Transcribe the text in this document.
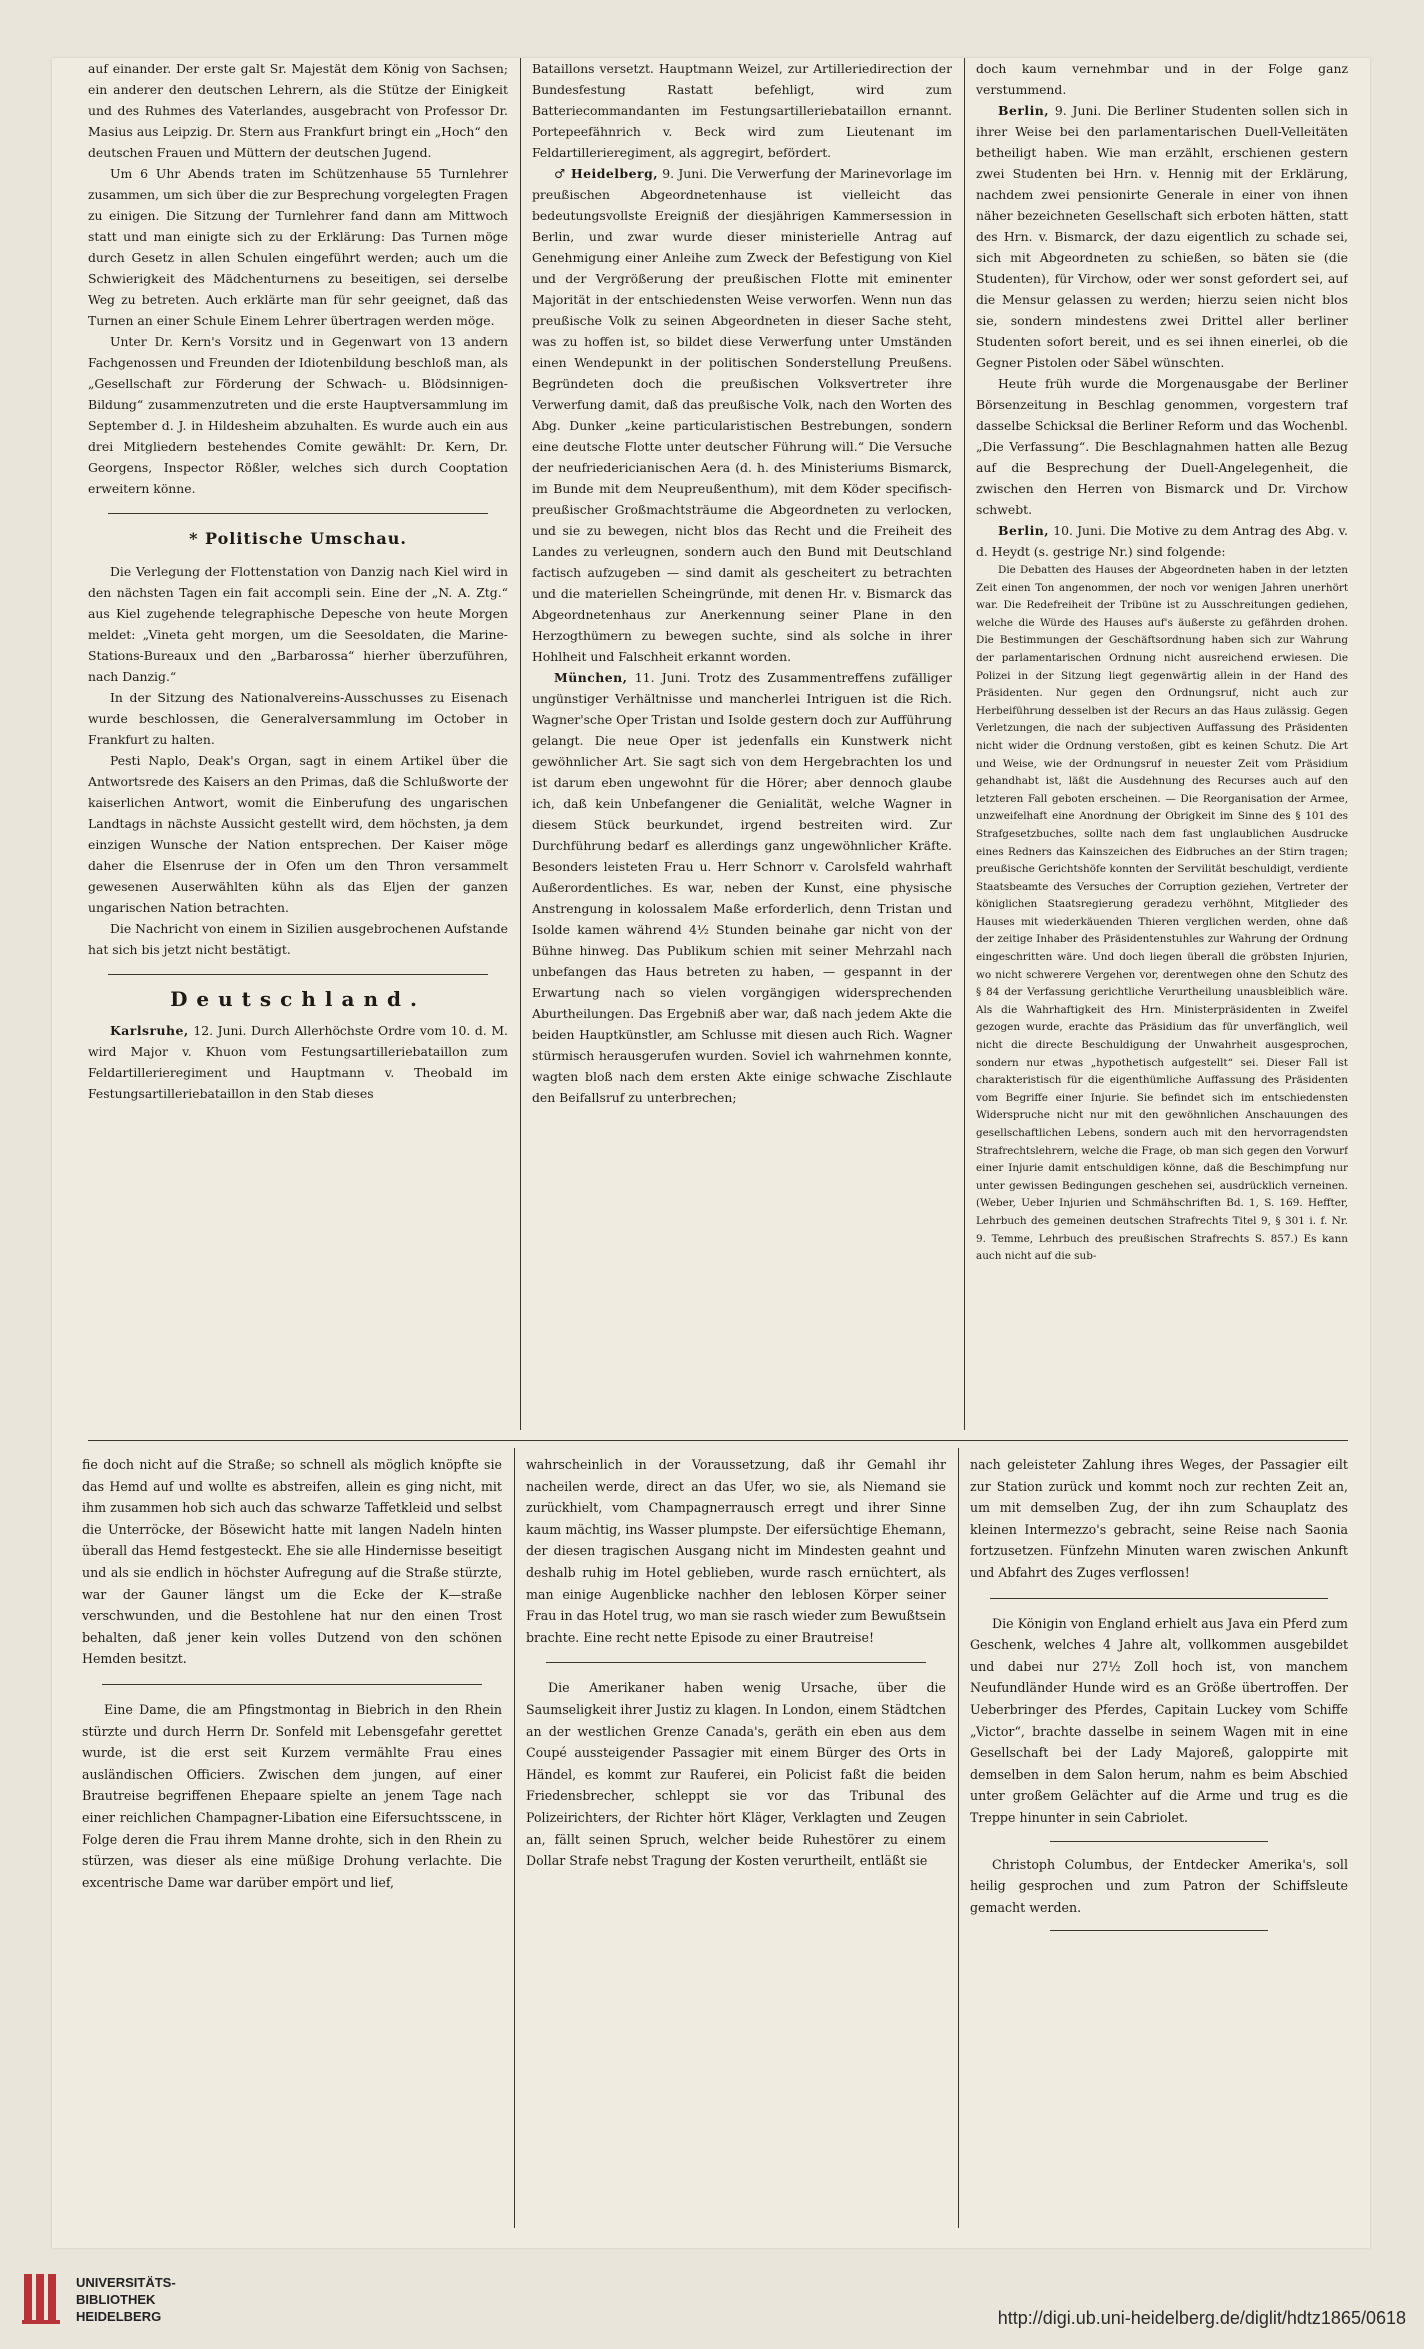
auf einander. Der erste galt Sr. Majestät dem König von Sachsen; ein anderer den deutschen Lehrern, als die Stütze der Einigkeit und des Ruhmes des Vaterlandes, ausgebracht von Professor Dr. Masius aus Leipzig. Dr. Stern aus Frankfurt bringt ein „Hoch“ den deutschen Frauen und Müttern der deutschen Jugend.

Um 6 Uhr Abends traten im Schützenhause 55 Turnlehrer zusammen, um sich über die zur Besprechung vorgelegten Fragen zu einigen. Die Sitzung der Turnlehrer fand dann am Mittwoch statt und man einigte sich zu der Erklärung: Das Turnen möge durch Gesetz in allen Schulen eingeführt werden; auch um die Schwierigkeit des Mädchenturnens zu beseitigen, sei derselbe Weg zu betreten. Auch erklärte man für sehr geeignet, daß das Turnen an einer Schule Einem Lehrer übertragen werden möge.

Unter Dr. Kern's Vorsitz und in Gegenwart von 13 andern Fachgenossen und Freunden der Idiotenbildung beschloß man, als „Gesellschaft zur Förderung der Schwach- u. Blödsinnigen-Bildung“ zusammenzutreten und die erste Hauptversammlung im September d. J. in Hildesheim abzuhalten. Es wurde auch ein aus drei Mitgliedern bestehendes Comite gewählt: Dr. Kern, Dr. Georgens, Inspector Rößler, welches sich durch Cooptation erweitern könne.

* Politische Umschau.

Die Verlegung der Flottenstation von Danzig nach Kiel wird in den nächsten Tagen ein fait accompli sein. Eine der „N. A. Ztg.“ aus Kiel zugehende telegraphische Depesche von heute Morgen meldet: „Vineta geht morgen, um die Seesoldaten, die Marine-Stations-Bureaux und den „Barbarossa“ hierher überzuführen, nach Danzig.“

In der Sitzung des Nationalvereins-Ausschusses zu Eisenach wurde beschlossen, die Generalversammlung im October in Frankfurt zu halten.

Pesti Naplo, Deak's Organ, sagt in einem Artikel über die Antwortsrede des Kaisers an den Primas, daß die Schlußworte der kaiserlichen Antwort, womit die Einberufung des ungarischen Landtags in nächste Aussicht gestellt wird, dem höchsten, ja dem einzigen Wunsche der Nation entsprechen. Der Kaiser möge daher die Elsenruse der in Ofen um den Thron versammelt gewesenen Auserwählten kühn als das Eljen der ganzen ungarischen Nation betrachten.

Die Nachricht von einem in Sizilien ausgebrochenen Aufstande hat sich bis jetzt nicht bestätigt.

Deutschland.

Karlsruhe, 12. Juni. Durch Allerhöchste Ordre vom 10. d. M. wird Major v. Khuon vom Festungsartilleriebataillon zum Feldartillerieregiment und Hauptmann v. Theobald im Festungsartilleriebataillon in den Stab dieses

Bataillons versetzt. Hauptmann Weizel, zur Artilleriedirection der Bundesfestung Rastatt befehligt, wird zum Batteriecommandanten im Festungsartilleriebataillon ernannt. Portepeefähnrich v. Beck wird zum Lieutenant im Feldartillerieregiment, als aggregirt, befördert.

♂ Heidelberg, 9. Juni. Die Verwerfung der Marinevorlage im preußischen Abgeordnetenhause ist vielleicht das bedeutungsvollste Ereigniß der diesjährigen Kammersession in Berlin, und zwar wurde dieser ministerielle Antrag auf Genehmigung einer Anleihe zum Zweck der Befestigung von Kiel und der Vergrößerung der preußischen Flotte mit eminenter Majorität in der entschiedensten Weise verworfen. Wenn nun das preußische Volk zu seinen Abgeordneten in dieser Sache steht, was zu hoffen ist, so bildet diese Verwerfung unter Umständen einen Wendepunkt in der politischen Sonderstellung Preußens. Begründeten doch die preußischen Volksvertreter ihre Verwerfung damit, daß das preußische Volk, nach den Worten des Abg. Dunker „keine particularistischen Bestrebungen, sondern eine deutsche Flotte unter deutscher Führung will.“ Die Versuche der neufriedericianischen Aera (d. h. des Ministeriums Bismarck, im Bunde mit dem Neupreußenthum), mit dem Köder specifisch-preußischer Großmachtsträume die Abgeordneten zu verlocken, und sie zu bewegen, nicht blos das Recht und die Freiheit des Landes zu verleugnen, sondern auch den Bund mit Deutschland factisch aufzugeben — sind damit als gescheitert zu betrachten und die materiellen Scheingründe, mit denen Hr. v. Bismarck das Abgeordnetenhaus zur Anerkennung seiner Plane in den Herzogthümern zu bewegen suchte, sind als solche in ihrer Hohlheit und Falschheit erkannt worden.

München, 11. Juni. Trotz des Zusammentreffens zufälliger ungünstiger Verhältnisse und mancherlei Intriguen ist die Rich. Wagner'sche Oper Tristan und Isolde gestern doch zur Aufführung gelangt. Die neue Oper ist jedenfalls ein Kunstwerk nicht gewöhnlicher Art. Sie sagt sich von dem Hergebrachten los und ist darum eben ungewohnt für die Hörer; aber dennoch glaube ich, daß kein Unbefangener die Genialität, welche Wagner in diesem Stück beurkundet, irgend bestreiten wird. Zur Durchführung bedarf es allerdings ganz ungewöhnlicher Kräfte. Besonders leisteten Frau u. Herr Schnorr v. Carolsfeld wahrhaft Außerordentliches. Es war, neben der Kunst, eine physische Anstrengung in kolossalem Maße erforderlich, denn Tristan und Isolde kamen während 4½ Stunden beinahe gar nicht von der Bühne hinweg. Das Publikum schien mit seiner Mehrzahl nach unbefangen das Haus betreten zu haben, — gespannt in der Erwartung nach so vielen vorgängigen widersprechenden Aburtheilungen. Das Ergebniß aber war, daß nach jedem Akte die beiden Hauptkünstler, am Schlusse mit diesen auch Rich. Wagner stürmisch herausgerufen wurden. Soviel ich wahrnehmen konnte, wagten bloß nach dem ersten Akte einige schwache Zischlaute den Beifallsruf zu unterbrechen;

doch kaum vernehmbar und in der Folge ganz verstummend.

Berlin, 9. Juni. Die Berliner Studenten sollen sich in ihrer Weise bei den parlamentarischen Duell-Velleitäten betheiligt haben. Wie man erzählt, erschienen gestern zwei Studenten bei Hrn. v. Hennig mit der Erklärung, nachdem zwei pensionirte Generale in einer von ihnen näher bezeichneten Gesellschaft sich erboten hätten, statt des Hrn. v. Bismarck, der dazu eigentlich zu schade sei, sich mit Abgeordneten zu schießen, so bäten sie (die Studenten), für Virchow, oder wer sonst gefordert sei, auf die Mensur gelassen zu werden; hierzu seien nicht blos sie, sondern mindestens zwei Drittel aller berliner Studenten sofort bereit, und es sei ihnen einerlei, ob die Gegner Pistolen oder Säbel wünschten.

Heute früh wurde die Morgenausgabe der Berliner Börsenzeitung in Beschlag genommen, vorgestern traf dasselbe Schicksal die Berliner Reform und das Wochenbl. „Die Verfassung“. Die Beschlagnahmen hatten alle Bezug auf die Besprechung der Duell-Angelegenheit, die zwischen den Herren von Bismarck und Dr. Virchow schwebt.

Berlin, 10. Juni. Die Motive zu dem Antrag des Abg. v. d. Heydt (s. gestrige Nr.) sind folgende:

Die Debatten des Hauses der Abgeordneten haben in der letzten Zeit einen Ton angenommen, der noch vor wenigen Jahren unerhört war. Die Redefreiheit der Tribüne ist zu Ausschreitungen gediehen, welche die Würde des Hauses auf's äußerste zu gefährden drohen. Die Bestimmungen der Geschäftsordnung haben sich zur Wahrung der parlamentarischen Ordnung nicht ausreichend erwiesen. Die Polizei in der Sitzung liegt gegenwärtig allein in der Hand des Präsidenten. Nur gegen den Ordnungsruf, nicht auch zur Herbeiführung desselben ist der Recurs an das Haus zulässig. Gegen Verletzungen, die nach der subjectiven Auffassung des Präsidenten nicht wider die Ordnung verstoßen, gibt es keinen Schutz. Die Art und Weise, wie der Ordnungsruf in neuester Zeit vom Präsidium gehandhabt ist, läßt die Ausdehnung des Recurses auch auf den letzteren Fall geboten erscheinen. — Die Reorganisation der Armee, unzweifelhaft eine Anordnung der Obrigkeit im Sinne des § 101 des Strafgesetzbuches, sollte nach dem fast unglaublichen Ausdrucke eines Redners das Kainszeichen des Eidbruches an der Stirn tragen; preußische Gerichtshöfe konnten der Servilität beschuldigt, verdiente Staatsbeamte des Versuches der Corruption geziehen, Vertreter der königlichen Staatsregierung geradezu verhöhnt, Mitglieder des Hauses mit wiederkäuenden Thieren verglichen werden, ohne daß der zeitige Inhaber des Präsidentenstuhles zur Wahrung der Ordnung eingeschritten wäre. Und doch liegen überall die gröbsten Injurien, wo nicht schwerere Vergehen vor, derentwegen ohne den Schutz des § 84 der Verfassung gerichtliche Verurtheilung unausbleiblich wäre. Als die Wahrhaftigkeit des Hrn. Ministerpräsidenten in Zweifel gezogen wurde, erachte das Präsidium das für unverfänglich, weil nicht die directe Beschuldigung der Unwahrheit ausgesprochen, sondern nur etwas „hypothetisch aufgestellt“ sei. Dieser Fall ist charakteristisch für die eigenthümliche Auffassung des Präsidenten vom Begriffe einer Injurie. Sie befindet sich im entschiedensten Widerspruche nicht nur mit den gewöhnlichen Anschauungen des gesellschaftlichen Lebens, sondern auch mit den hervorragendsten Strafrechtslehrern, welche die Frage, ob man sich gegen den Vorwurf einer Injurie damit entschuldigen könne, daß die Beschimpfung nur unter gewissen Bedingungen geschehen sei, ausdrücklich verneinen. (Weber, Ueber Injurien und Schmähschriften Bd. 1, S. 169. Heffter, Lehrbuch des gemeinen deutschen Strafrechts Titel 9, § 301 i. f. Nr. 9. Temme, Lehrbuch des preußischen Strafrechts S. 857.) Es kann auch nicht auf die sub-

fie doch nicht auf die Straße; so schnell als möglich knöpfte sie das Hemd auf und wollte es abstreifen, allein es ging nicht, mit ihm zusammen hob sich auch das schwarze Taffetkleid und selbst die Unterröcke, der Bösewicht hatte mit langen Nadeln hinten überall das Hemd festgesteckt. Ehe sie alle Hindernisse beseitigt und als sie endlich in höchster Aufregung auf die Straße stürzte, war der Gauner längst um die Ecke der K—straße verschwunden, und die Bestohlene hat nur den einen Trost behalten, daß jener kein volles Dutzend von den schönen Hemden besitzt.

Eine Dame, die am Pfingstmontag in Biebrich in den Rhein stürzte und durch Herrn Dr. Sonfeld mit Lebensgefahr gerettet wurde, ist die erst seit Kurzem vermählte Frau eines ausländischen Officiers. Zwischen dem jungen, auf einer Brautreise begriffenen Ehepaare spielte an jenem Tage nach einer reichlichen Champagner-Libation eine Eifersuchtsscene, in Folge deren die Frau ihrem Manne drohte, sich in den Rhein zu stürzen, was dieser als eine müßige Drohung verlachte. Die excentrische Dame war darüber empört und lief,

wahrscheinlich in der Voraussetzung, daß ihr Gemahl ihr nacheilen werde, direct an das Ufer, wo sie, als Niemand sie zurückhielt, vom Champagnerrausch erregt und ihrer Sinne kaum mächtig, ins Wasser plumpste. Der eifersüchtige Ehemann, der diesen tragischen Ausgang nicht im Mindesten geahnt und deshalb ruhig im Hotel geblieben, wurde rasch ernüchtert, als man einige Augenblicke nachher den leblosen Körper seiner Frau in das Hotel trug, wo man sie rasch wieder zum Bewußtsein brachte. Eine recht nette Episode zu einer Brautreise!

Die Amerikaner haben wenig Ursache, über die Saumseligkeit ihrer Justiz zu klagen. In London, einem Städtchen an der westlichen Grenze Canada's, geräth ein eben aus dem Coupé aussteigender Passagier mit einem Bürger des Orts in Händel, es kommt zur Rauferei, ein Policist faßt die beiden Friedensbrecher, schleppt sie vor das Tribunal des Polizeirichters, der Richter hört Kläger, Verklagten und Zeugen an, fällt seinen Spruch, welcher beide Ruhestörer zu einem Dollar Strafe nebst Tragung der Kosten verurtheilt, entläßt sie

nach geleisteter Zahlung ihres Weges, der Passagier eilt zur Station zurück und kommt noch zur rechten Zeit an, um mit demselben Zug, der ihn zum Schauplatz des kleinen Intermezzo's gebracht, seine Reise nach Saonia fortzusetzen. Fünfzehn Minuten waren zwischen Ankunft und Abfahrt des Zuges verflossen!

Die Königin von England erhielt aus Java ein Pferd zum Geschenk, welches 4 Jahre alt, vollkommen ausgebildet und dabei nur 27½ Zoll hoch ist, von manchem Neufundländer Hunde wird es an Größe übertroffen. Der Ueberbringer des Pferdes, Capitain Luckey vom Schiffe „Victor“, brachte dasselbe in seinem Wagen mit in eine Gesellschaft bei der Lady Majoreß, galoppirte mit demselben in dem Salon herum, nahm es beim Abschied unter großem Gelächter auf die Arme und trug es die Treppe hinunter in sein Cabriolet.

Christoph Columbus, der Entdecker Amerika's, soll heilig gesprochen und zum Patron der Schiffsleute gemacht werden.

UNIVERSITÄTS-
BIBLIOTHEK
HEIDELBERG	http://digi.ub.uni-heidelberg.de/diglit/hdtz1865/0618
